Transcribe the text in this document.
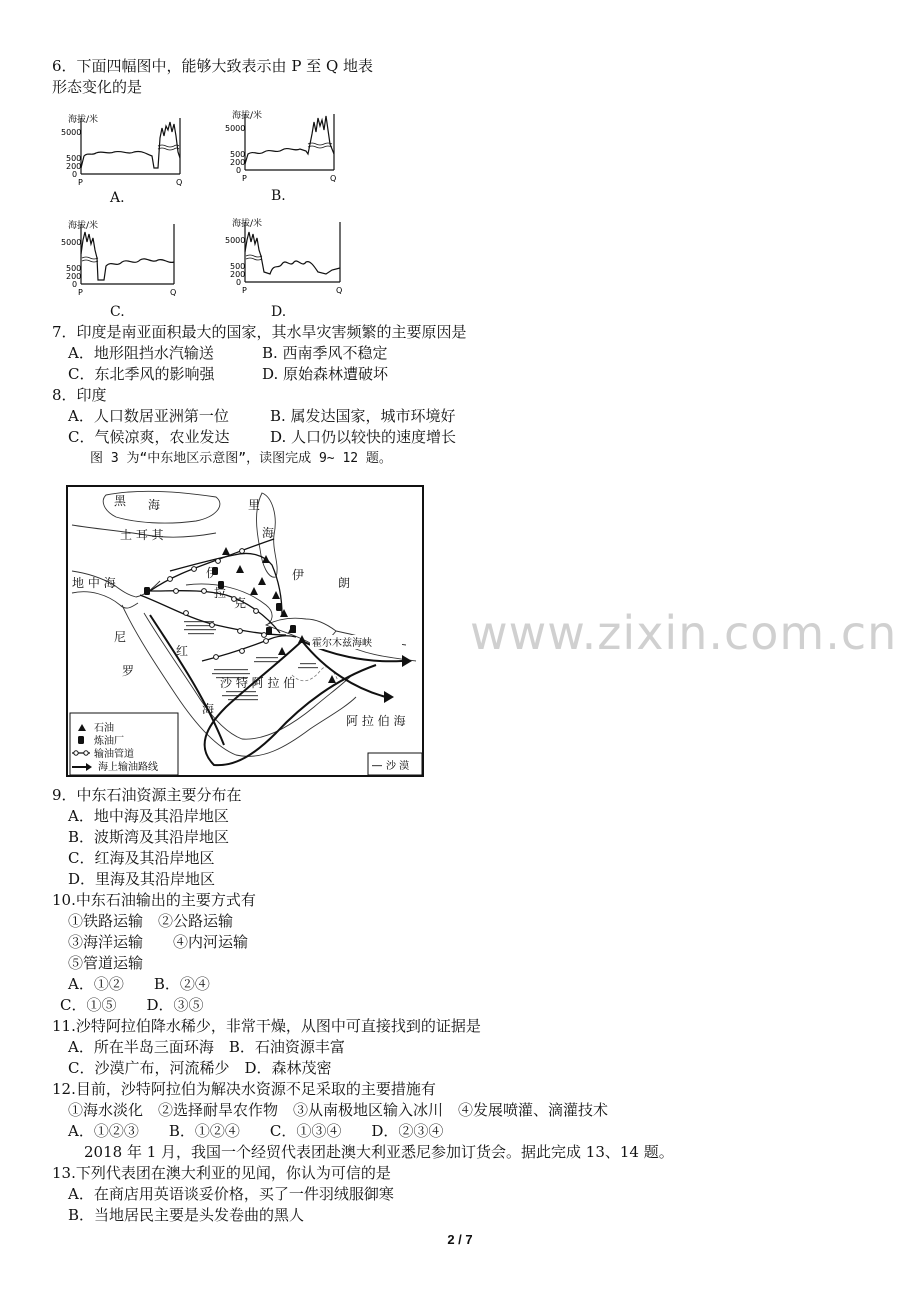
6．下面四幅图中，能够大致表示由 P 至 Q 地表
形态变化的是
海拔/米
5000
500
200
0
P	Q
A.
海拔/米
5000
500
200
0
P	Q
B.
海拔/米
5000
500
200
0
P	Q
C.
海拔/米
5000
500
200
0
P	Q
D.
7．印度是南亚面积最大的国家，其水旱灾害频繁的主要原因是
A．地形阻挡水汽输送	B. 西南季风不稳定
C．东北季风的影响强	D. 原始森林遭破坏
8．印度
A．人口数居亚洲第一位	B. 属发达国家，城市环境好
C．气候凉爽，农业发达	D. 人口仍以较快的速度增长
图 3 为“中东地区示意图”，读图完成 9~ 12 题。
黑 海	里
海
土 耳 其
地 中 海
伊
朗
伊
拉
克
尼
罗
海
红
沙 特 阿 拉 伯
阿 拉 伯 海
霍尔木兹海峡
石油
炼油厂
输油管道
海上输油路线	沙 漠
9．中东石油资源主要分布在
A．地中海及其沿岸地区
B．波斯湾及其沿岸地区
C．红海及其沿岸地区
D．里海及其沿岸地区
10.中东石油输出的主要方式有
①铁路运输　②公路运输
③海洋运输　　④内河运输
⑤管道运输
A．①②　　B．②④
C．①⑤　　D．③⑤
11.沙特阿拉伯降水稀少，非常干燥，从图中可直接找到的证据是
A．所在半岛三面环海　B．石油资源丰富
C．沙漠广布，河流稀少　D．森林茂密
12.目前，沙特阿拉伯为解决水资源不足采取的主要措施有
①海水淡化　②选择耐旱农作物　③从南极地区输入冰川　④发展喷灌、滴灌技术
A．①②③　　B．①②④　　C．①③④　　D．②③④
2018 年 1 月，我国一个经贸代表团赴澳大利亚悉尼参加订货会。据此完成 13、14 题。
13.下列代表团在澳大利亚的见闻，你认为可信的是
A．在商店用英语谈妥价格，买了一件羽绒服御寒
B．当地居民主要是头发卷曲的黑人
www.zixin.com.cn
2 / 7
